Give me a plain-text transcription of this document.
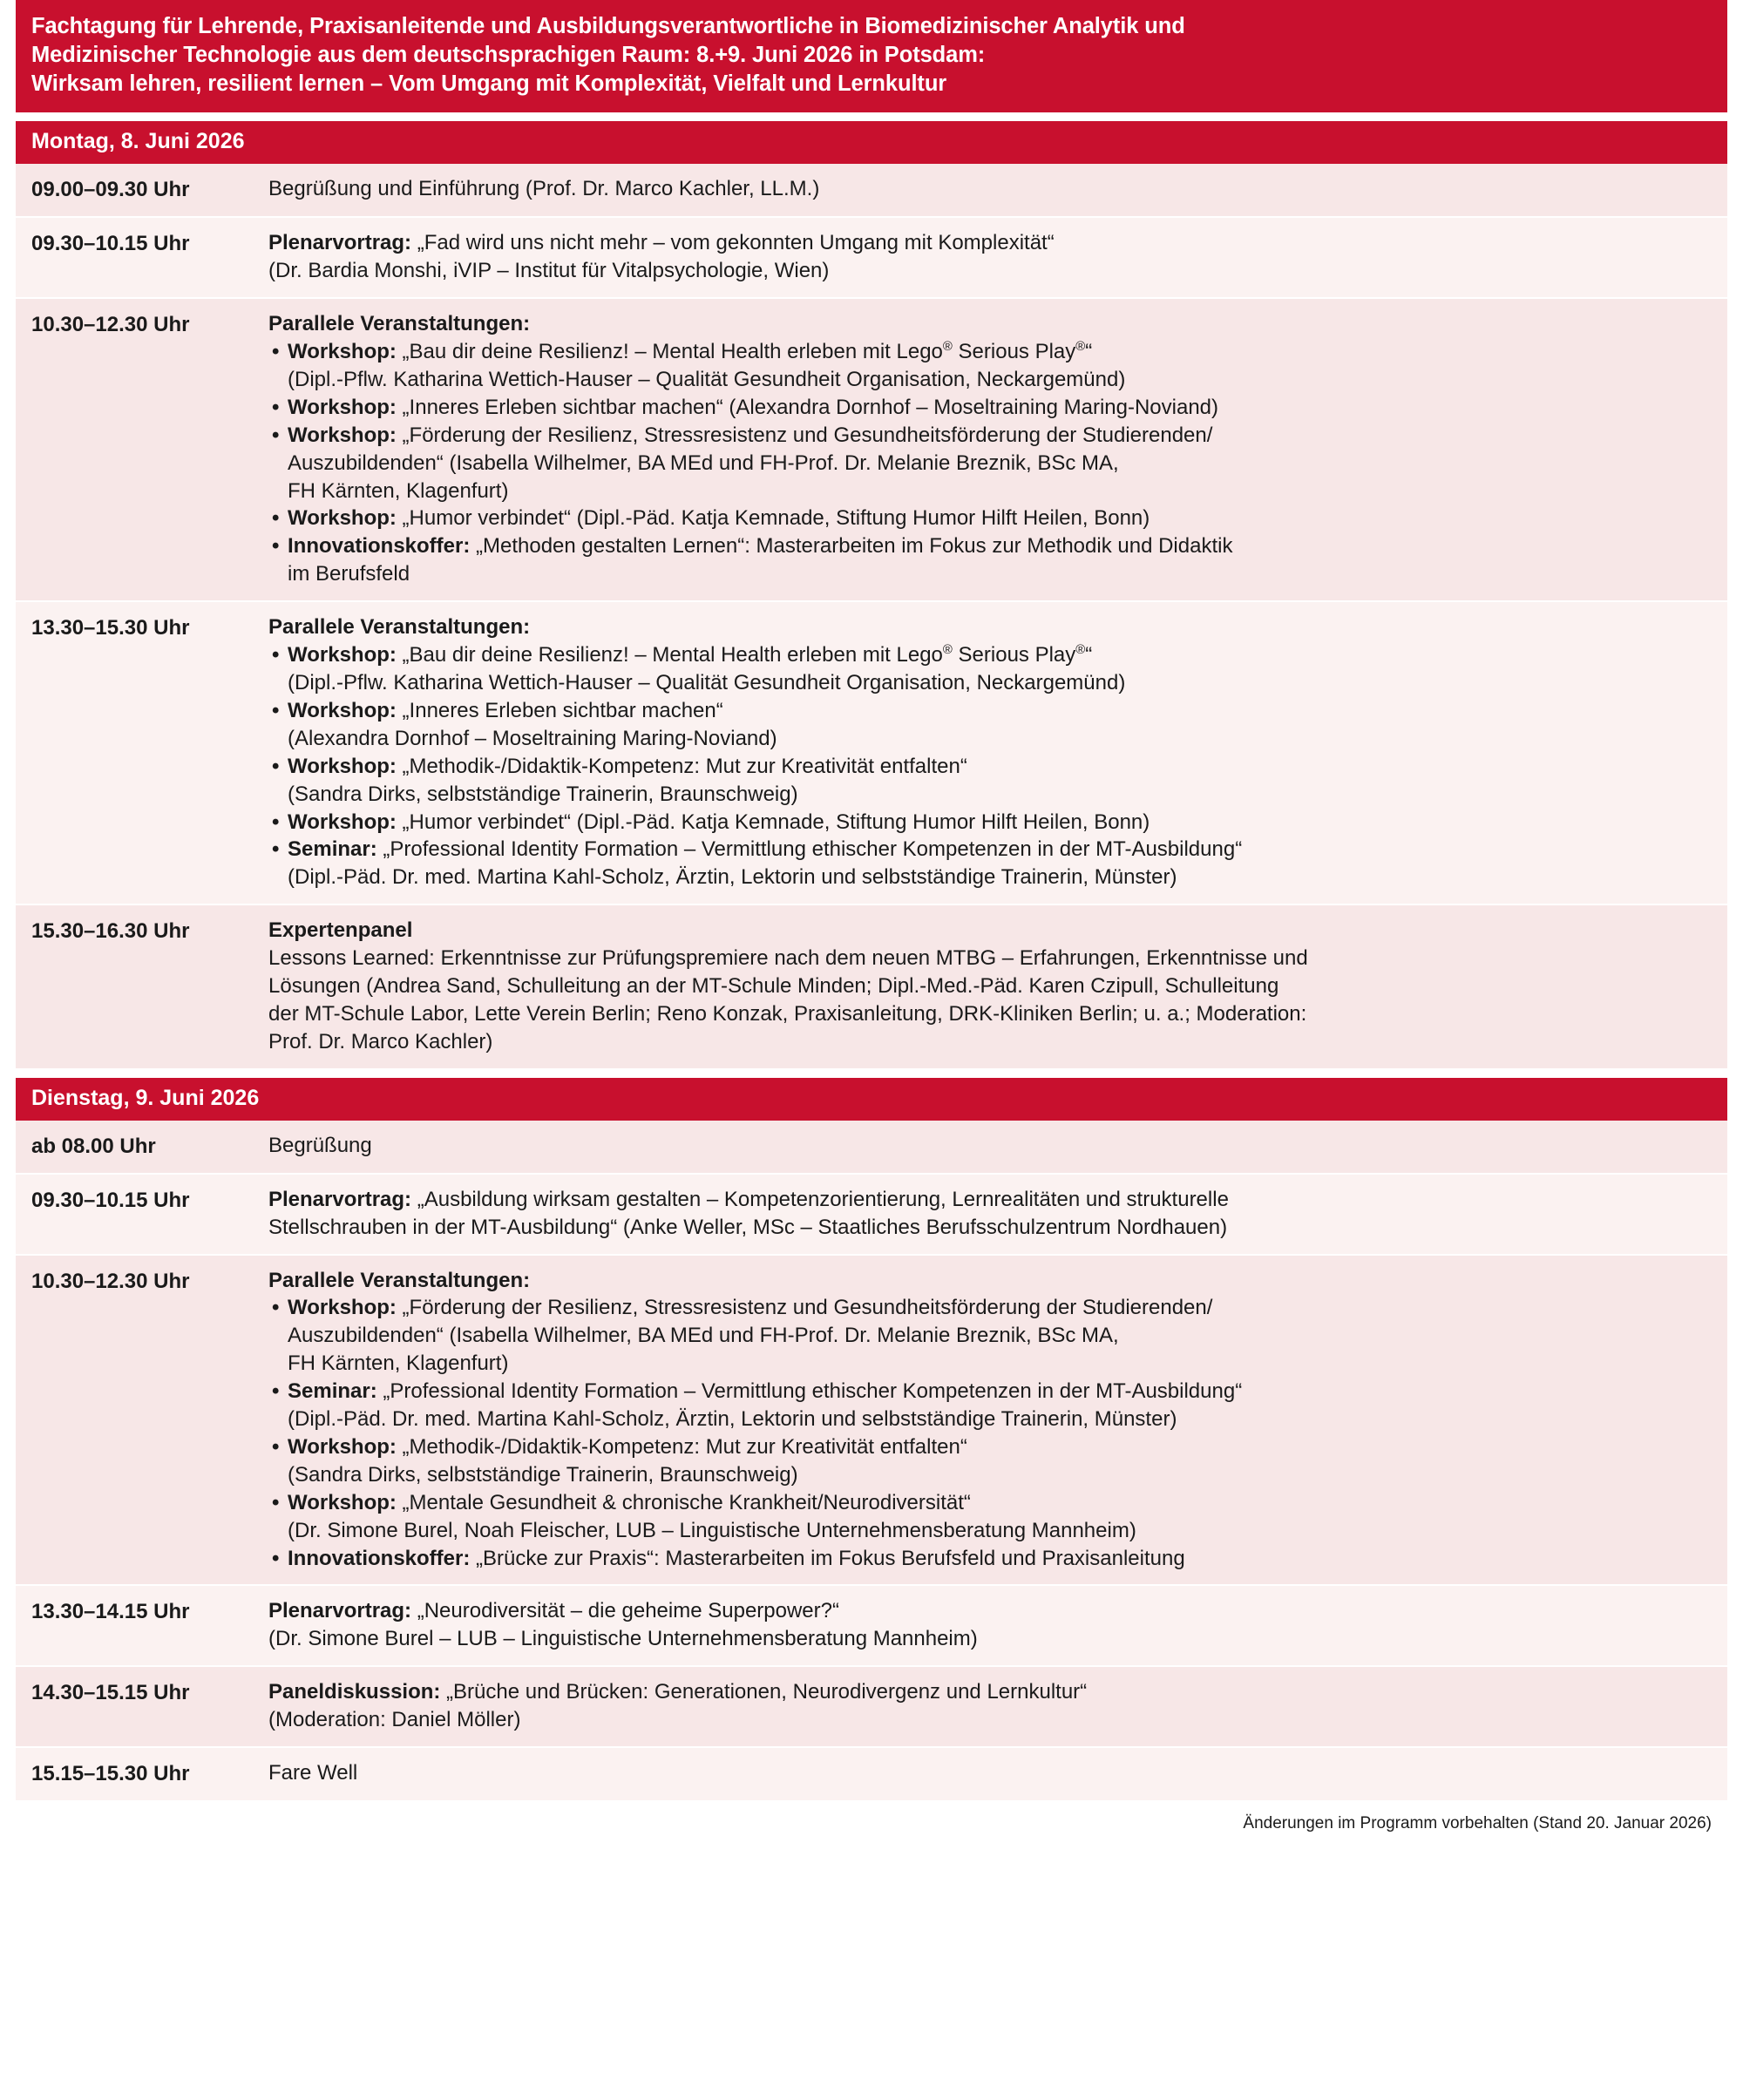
Fachtagung für Lehrende, Praxisanleitende und Ausbildungsverantwortliche in Biomedizinischer Analytik und
Medizinischer Technologie aus dem deutschsprachigen Raum: 8.+9. Juni 2026 in Potsdam:
Wirksam lehren, resilient lernen – Vom Umgang mit Komplexität, Vielfalt und Lernkultur
Montag, 8. Juni 2026
09.00–09.30 Uhr	Begrüßung und Einführung (Prof. Dr. Marco Kachler, LL.M.)
09.30–10.15 Uhr	Plenarvortrag: „Fad wird uns nicht mehr – vom gekonnten Umgang mit Komplexität“
(Dr. Bardia Monshi, iVIP – Institut für Vitalpsychologie, Wien)
10.30–12.30 Uhr	Parallele Veranstaltungen:
• Workshop: „Bau dir deine Resilienz! – Mental Health erleben mit Lego® Serious Play®“
(Dipl.-Pflw. Katharina Wettich-Hauser – Qualität Gesundheit Organisation, Neckargemünd)
• Workshop: „Inneres Erleben sichtbar machen“ (Alexandra Dornhof – Moseltraining Maring-Noviand)
• Workshop: „Förderung der Resilienz, Stressresistenz und Gesundheitsförderung der Studierenden/
Auszubildenden“ (Isabella Wilhelmer, BA MEd und FH-Prof. Dr. Melanie Breznik, BSc MA,
FH Kärnten, Klagenfurt)
• Workshop: „Humor verbindet“ (Dipl.-Päd. Katja Kemnade, Stiftung Humor Hilft Heilen, Bonn)
• Innovationskoffer: „Methoden gestalten Lernen“: Masterarbeiten im Fokus zur Methodik und Didaktik
im Berufsfeld
13.30–15.30 Uhr	Parallele Veranstaltungen:
• Workshop: „Bau dir deine Resilienz! – Mental Health erleben mit Lego® Serious Play®“
(Dipl.-Pflw. Katharina Wettich-Hauser – Qualität Gesundheit Organisation, Neckargemünd)
• Workshop: „Inneres Erleben sichtbar machen“
(Alexandra Dornhof – Moseltraining Maring-Noviand)
• Workshop: „Methodik-/Didaktik-Kompetenz: Mut zur Kreativität entfalten“
(Sandra Dirks, selbstständige Trainerin, Braunschweig)
• Workshop: „Humor verbindet“ (Dipl.-Päd. Katja Kemnade, Stiftung Humor Hilft Heilen, Bonn)
• Seminar: „Professional Identity Formation – Vermittlung ethischer Kompetenzen in der MT-Ausbildung“
(Dipl.-Päd. Dr. med. Martina Kahl-Scholz, Ärztin, Lektorin und selbstständige Trainerin, Münster)
15.30–16.30 Uhr	Expertenpanel
Lessons Learned: Erkenntnisse zur Prüfungspremiere nach dem neuen MTBG – Erfahrungen, Erkenntnisse und
Lösungen (Andrea Sand, Schulleitung an der MT-Schule Minden; Dipl.-Med.-Päd. Karen Czipull, Schulleitung
der MT-Schule Labor, Lette Verein Berlin; Reno Konzak, Praxisanleitung, DRK-Kliniken Berlin; u. a.; Moderation:
Prof. Dr. Marco Kachler)
Dienstag, 9. Juni 2026
ab 08.00 Uhr	Begrüßung
09.30–10.15 Uhr	Plenarvortrag: „Ausbildung wirksam gestalten – Kompetenzorientierung, Lernrealitäten und strukturelle
Stellschrauben in der MT-Ausbildung“ (Anke Weller, MSc – Staatliches Berufsschulzentrum Nordhauen)
10.30–12.30 Uhr	Parallele Veranstaltungen:
• Workshop: „Förderung der Resilienz, Stressresistenz und Gesundheitsförderung der Studierenden/
Auszubildenden“ (Isabella Wilhelmer, BA MEd und FH-Prof. Dr. Melanie Breznik, BSc MA,
FH Kärnten, Klagenfurt)
• Seminar: „Professional Identity Formation – Vermittlung ethischer Kompetenzen in der MT-Ausbildung“
(Dipl.-Päd. Dr. med. Martina Kahl-Scholz, Ärztin, Lektorin und selbstständige Trainerin, Münster)
• Workshop: „Methodik-/Didaktik-Kompetenz: Mut zur Kreativität entfalten“
(Sandra Dirks, selbstständige Trainerin, Braunschweig)
• Workshop: „Mentale Gesundheit & chronische Krankheit/Neurodiversität“
(Dr. Simone Burel, Noah Fleischer, LUB – Linguistische Unternehmensberatung Mannheim)
• Innovationskoffer: „Brücke zur Praxis“: Masterarbeiten im Fokus Berufsfeld und Praxisanleitung
13.30–14.15 Uhr	Plenarvortrag: „Neurodiversität – die geheime Superpower?“
(Dr. Simone Burel – LUB – Linguistische Unternehmensberatung Mannheim)
14.30–15.15 Uhr	Paneldiskussion: „Brüche und Brücken: Generationen, Neurodivergenz und Lernkultur“
(Moderation: Daniel Möller)
15.15–15.30 Uhr	Fare Well
Änderungen im Programm vorbehalten (Stand 20. Januar 2026)
